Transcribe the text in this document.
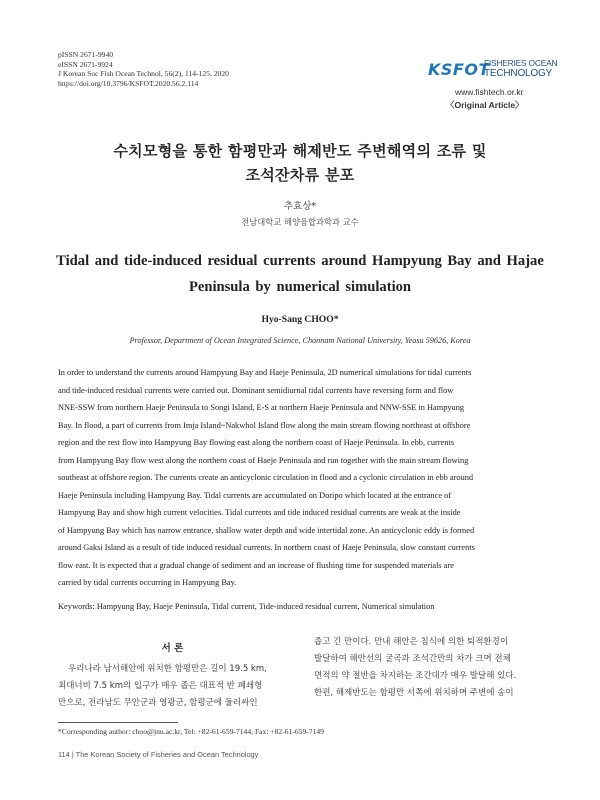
pISSN 2671-9940
eISSN 2671-9924
J Korean Soc Fish Ocean Technol, 56(2), 114-125, 2020
https://doi.org/10.3796/KSFOT.2020.56.2.114
KSFOT
FISHERIES OCEAN
TECHNOLOGY
www.fishtech.or.kr
〈Original Article〉
수치모형을 통한 함평만과 해제반도 주변해역의 조류 및
조석잔차류 분포
추효상*
전남대학교 해양융합과학과 교수
Tidal and tide-induced residual currents around Hampyung Bay and Hajae
Peninsula by numerical simulation
Hyo-Sang CHOO*
Professor, Department of Ocean Integrated Science, Chonnam National University, Yeosu 59626, Korea
In order to understand the currents around Hampyung Bay and Haeje Peninsula, 2D numerical simulations for tidal currents
and tide-induced residual currents were carried out. Dominant semidiurnal tidal currents have reversing form and flow
NNE-SSW from northern Haeje Peninsula to Songi Island, E-S at northern Haeje Peninsula and NNW-SSE in Hampyung
Bay. In flood, a part of currents from Imja Island~Nakwhol Island flow along the main stream flowing northeast at offshore
region and the rest flow into Hampyung Bay flowing east along the northern coast of Haeje Peninsula. In ebb, currents
from Hampyung Bay flow west along the northern coast of Haeje Peninsula and run together with the main stream flowing
southeast at offshore region. The currents create an anticyclonic circulation in flood and a cyclonic circulation in ebb around
Haeje Peninsula including Hampyung Bay. Tidal currents are accumulated on Doripo which located at the entrance of
Hampyung Bay and show high current velocities. Tidal currents and tide induced residual currents are weak at the inside
of Hampyung Bay which has narrow entrance, shallow water depth and wide intertidal zone. An anticyclonic eddy is formed
around Gaksi Island as a result of tide induced residual currents. In northern coast of Haeje Peninsula, slow constant currents
flow east. It is expected that a gradual change of sediment and an increase of flushing time for suspended materials are
carried by tidal currents occurring in Hampyung Bay.
Keywords: Hampyung Bay, Haeje Peninsula, Tidal current, Tide-induced residual current, Numerical simulation
서 론
우리나라 남서해안에 위치한 함평만은 길이 19.5 km,
최대너비 7.5 km의 입구가 매우 좁은 대표적 반 폐쇄형
만으로, 전라남도 무안군과 영광군, 함평군에 둘러싸인
좁고 긴 만이다. 만내 해안은 침식에 의한 퇴적환경이
발달하여 해안선의 굴곡과 조석간만의 차가 크며 전체
면적의 약 절반을 차지하는 조간대가 매우 발달해 있다.
한편, 해제반도는 함평만 서쪽에 위치하며 주변에 송이
*Corresponding author: choo@jnu.ac.kr, Tel: +82-61-659-7144, Fax: +82-61-659-7149
114 | The Korean Society of Fisheries and Ocean Technology
